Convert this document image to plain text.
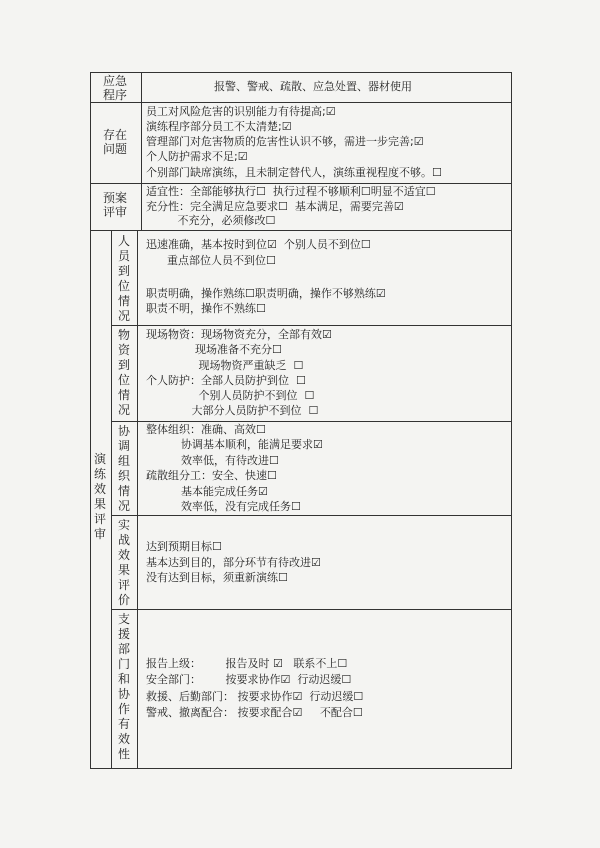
应急程序
报警、警戒、疏散、应急处置、器材使用
存在问题
员工对风险危害的识别能力有待提高;☑
演练程序部分员工不太清楚;☑
管理部门对危害物质的危害性认识不够，需进一步完善;☑
个人防护需求不足;☑
个别部门缺席演练，且未制定替代人，演练重视程度不够。☐
预案评审
适宜性：全部能够执行☐  执行过程不够顺利☐明显不适宜☐
充分性：完全满足应急要求☐  基本满足，需要完善☑
不充分，必须修改☐
演练效果评审
人员到位情况
迅速准确，基本按时到位☑  个别人员不到位☐
重点部位人员不到位☐
职责明确，操作熟练☐职责明确，操作不够熟练☑
职责不明，操作不熟练☐
物资到位情况
现场物资：现场物资充分，全部有效☑
现场准备不充分☐
现场物资严重缺乏  ☐
个人防护：全部人员防护到位  ☐
个别人员防护不到位  ☐
大部分人员防护不到位  ☐
协调组织情况
整体组织：准确、高效☐
协调基本顺利，能满足要求☑
效率低，有待改进☐
疏散组分工：安全、快速☐
基本能完成任务☑
效率低，没有完成任务☐
实战效果评价
达到预期目标☐
基本达到目的，部分环节有待改进☑
没有达到目标，须重新演练☐
支援部门和协作有效性
报告上级：       报告及时 ☑   联系不上☐
安全部门：       按要求协作☑  行动迟缓☐
救援、后勤部门： 按要求协作☑  行动迟缓☐
警戒、撤离配合： 按要求配合☑     不配合☐
